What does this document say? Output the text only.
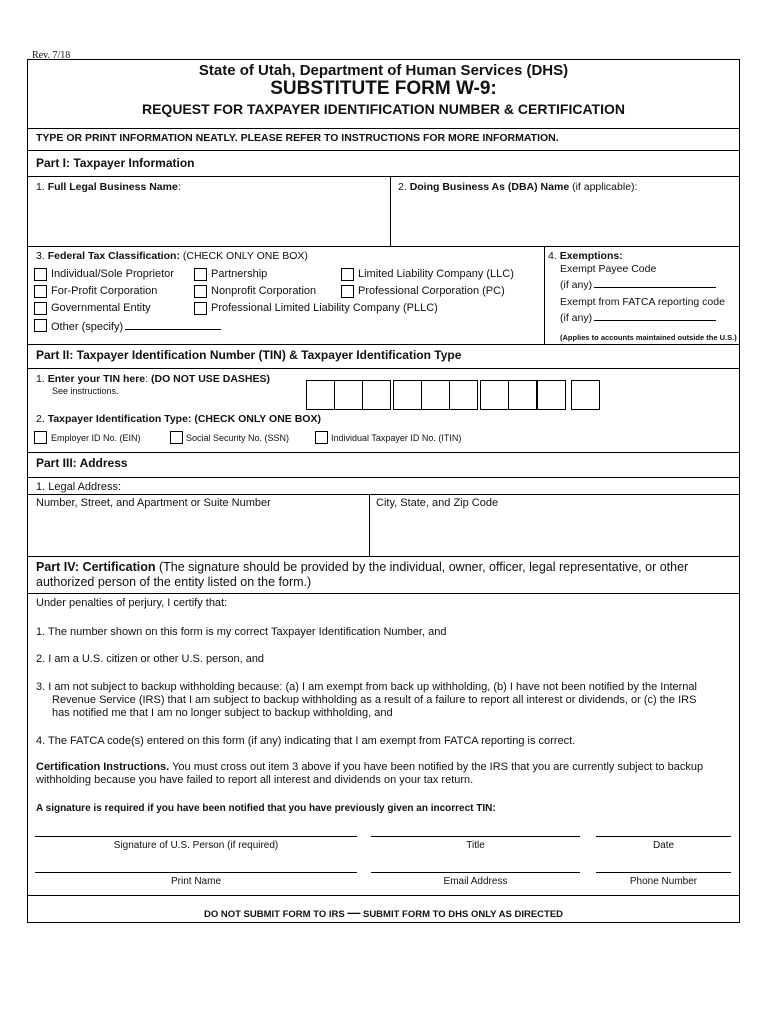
Rev. 7/18
State of Utah, Department of Human Services (DHS)
SUBSTITUTE FORM W-9:
REQUEST FOR TAXPAYER IDENTIFICATION NUMBER & CERTIFICATION
TYPE OR PRINT INFORMATION NEATLY. PLEASE REFER TO INSTRUCTIONS FOR MORE INFORMATION.
Part I: Taxpayer Information
1. Full Legal Business Name:	2. Doing Business As (DBA) Name (if applicable):
3. Federal Tax Classification: (CHECK ONLY ONE BOX)
Individual/Sole Proprietor	Partnership	Limited Liability Company (LLC)
For-Profit Corporation	Nonprofit Corporation	Professional Corporation (PC)
Governmental Entity	Professional Limited Liability Company (PLLC)
Other (specify)
4. Exemptions:
Exempt Payee Code
(if any)
Exempt from FATCA reporting code
(if any)
(Applies to accounts maintained outside the U.S.)
Part II: Taxpayer Identification Number (TIN) & Taxpayer Identification Type
1. Enter your TIN here: (DO NOT USE DASHES)
See instructions.
2. Taxpayer Identification Type: (CHECK ONLY ONE BOX)
Employer ID No. (EIN)	Social Security No. (SSN)	Individual Taxpayer ID No. (ITIN)
Part III: Address
1. Legal Address:
Number, Street, and Apartment or Suite Number	City, State, and Zip Code
Part IV: Certification (The signature should be provided by the individual, owner, officer, legal representative, or other
authorized person of the entity listed on the form.)
Under penalties of perjury, I certify that:
1. The number shown on this form is my correct Taxpayer Identification Number, and
2. I am a U.S. citizen or other U.S. person, and
3. I am not subject to backup withholding because: (a) I am exempt from back up withholding, (b) I have not been notified by the Internal
Revenue Service (IRS) that I am subject to backup withholding as a result of a failure to report all interest or dividends, or (c) the IRS
has notified me that I am no longer subject to backup withholding, and
4. The FATCA code(s) entered on this form (if any) indicating that I am exempt from FATCA reporting is correct.
Certification Instructions. You must cross out item 3 above if you have been notified by the IRS that you are currently subject to backup
withholding because you have failed to report all interest and dividends on your tax return.
A signature is required if you have been notified that you have previously given an incorrect TIN:
Signature of U.S. Person (if required)	Title	Date
Print Name	Email Address	Phone Number
DO NOT SUBMIT FORM TO IRS — SUBMIT FORM TO DHS ONLY AS DIRECTED
